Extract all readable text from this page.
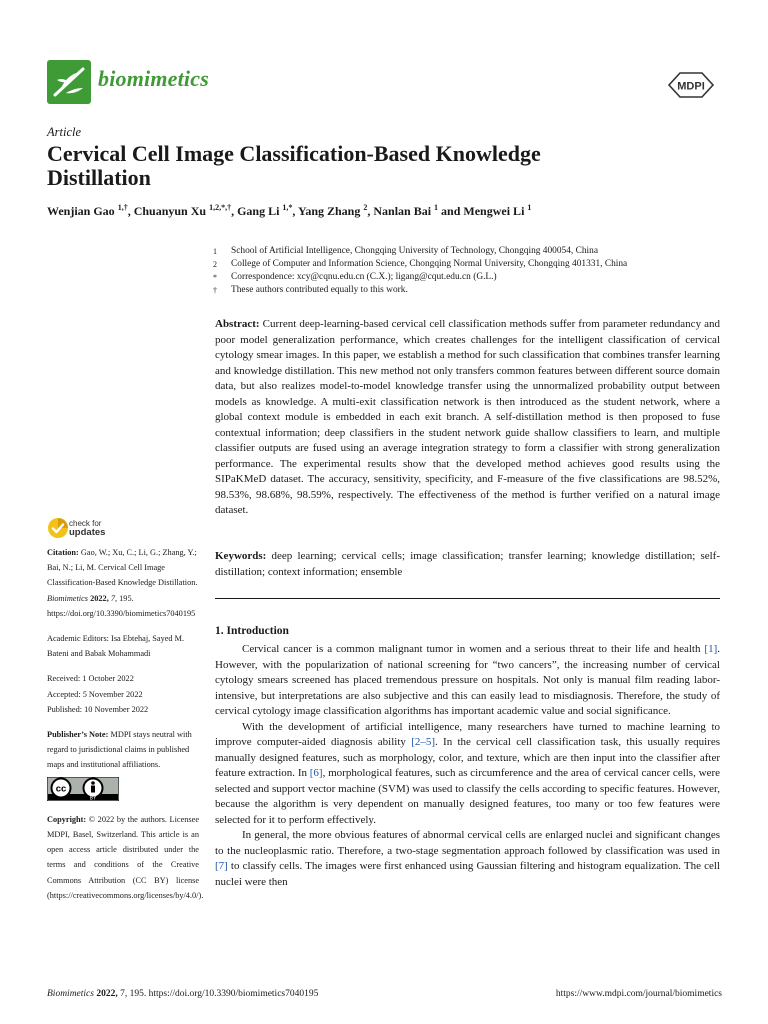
biomimetics	MDPI
Article
Cervical Cell Image Classification-Based Knowledge Distillation
Wenjian Gao $^{1,\dagger}$, Chuanyun Xu $^{1,2,*,\dagger}$, Gang Li $^{1,*}$, Yang Zhang $^2$, Nanlan Bai $^1$ and Mengwei Li $^1$
1	School of Artificial Intelligence, Chongqing University of Technology, Chongqing 400054, China
2	College of Computer and Information Science, Chongqing Normal University, Chongqing 401331, China
*	Correspondence: xcy@cqnu.edu.cn (C.X.); ligang@cqut.edu.cn (G.L.)
†	These authors contributed equally to this work.

Abstract: Current deep-learning-based cervical cell classification methods suffer from parameter redundancy and poor model generalization performance, which creates challenges for the intelligent classification of cervical cytology smear images. In this paper, we establish a method for such classification that combines transfer learning and knowledge distillation. This new method not only transfers common features between different source domain data, but also realizes model-to-model knowledge transfer using the unnormalized probability output between models as knowledge. A multi-exit classification network is then introduced as the student network, where a global context module is embedded in each exit branch. A self-distillation method is then proposed to fuse contextual information; deep classifiers in the student network guide shallow classifiers to learn, and multiple classifier outputs are fused using an average integration strategy to form a classifier with strong generalization performance. The experimental results show that the developed method achieves good results using the SIPaKMeD dataset. The accuracy, sensitivity, specificity, and F-measure of the five classifications are 98.52%, 98.53%, 98.68%, 98.59%, respectively. The effectiveness of the method is further verified on a natural image dataset.

Keywords: deep learning; cervical cells; image classification; transfer learning; knowledge distillation; self-distillation; context information; ensemble

check for
updates

Citation: Gao, W.; Xu, C.; Li, G.; Zhang, Y.; Bai, N.; Li, M. Cervical Cell Image Classification-Based Knowledge Distillation. Biomimetics 2022, 7, 195. https://doi.org/10.3390/biomimetics7040195

Academic Editors: Isa Ebtehaj, Sayed M. Bateni and Babak Mohammadi

Received: 1 October 2022

Accepted: 5 November 2022

Published: 10 November 2022

Publisher’s Note: MDPI stays neutral with regard to jurisdictional claims in published maps and institutional affiliations.

cc
BY

Copyright: © 2022 by the authors. Licensee MDPI, Basel, Switzerland. This article is an open access article distributed under the terms and conditions of the Creative Commons Attribution (CC BY) license (https://creativecommons.org/licenses/by/4.0/).

1. Introduction

Cervical cancer is a common malignant tumor in women and a serious threat to their life and health [1]. However, with the popularization of national screening for “two cancers”, the increasing number of cervical cytology smears screened has placed tremendous pressure on hospitals. Not only is manual film reading labor-intensive, but interpretations are also subjective and this can easily lead to misdiagnosis. Therefore, the study of cervical cytology image classification algorithms has important academic value and social significance.

With the development of artificial intelligence, many researchers have turned to machine learning to improve computer-aided diagnosis ability [2–5]. In the cervical cell classification task, this usually requires manually designed features, such as morphology, color, and texture, which are then input into the classifier after feature extraction. In [6], morphological features, such as circumference and the area of cervical cancer cells, were selected and support vector machine (SVM) was used to classify the cells according to specific features. However, because the algorithm is very dependent on manually designed features, too many or too few features were selected for it to perform effectively.

In general, the more obvious features of abnormal cervical cells are enlarged nuclei and significant changes to the nucleoplasmic ratio. Therefore, a two-stage segmentation approach followed by classification was used in [7] to classify cells. The images were first enhanced using Gaussian filtering and histogram equalization. The cell nuclei were then

Biomimetics 2022, 7, 195. https://doi.org/10.3390/biomimetics7040195	https://www.mdpi.com/journal/biomimetics
